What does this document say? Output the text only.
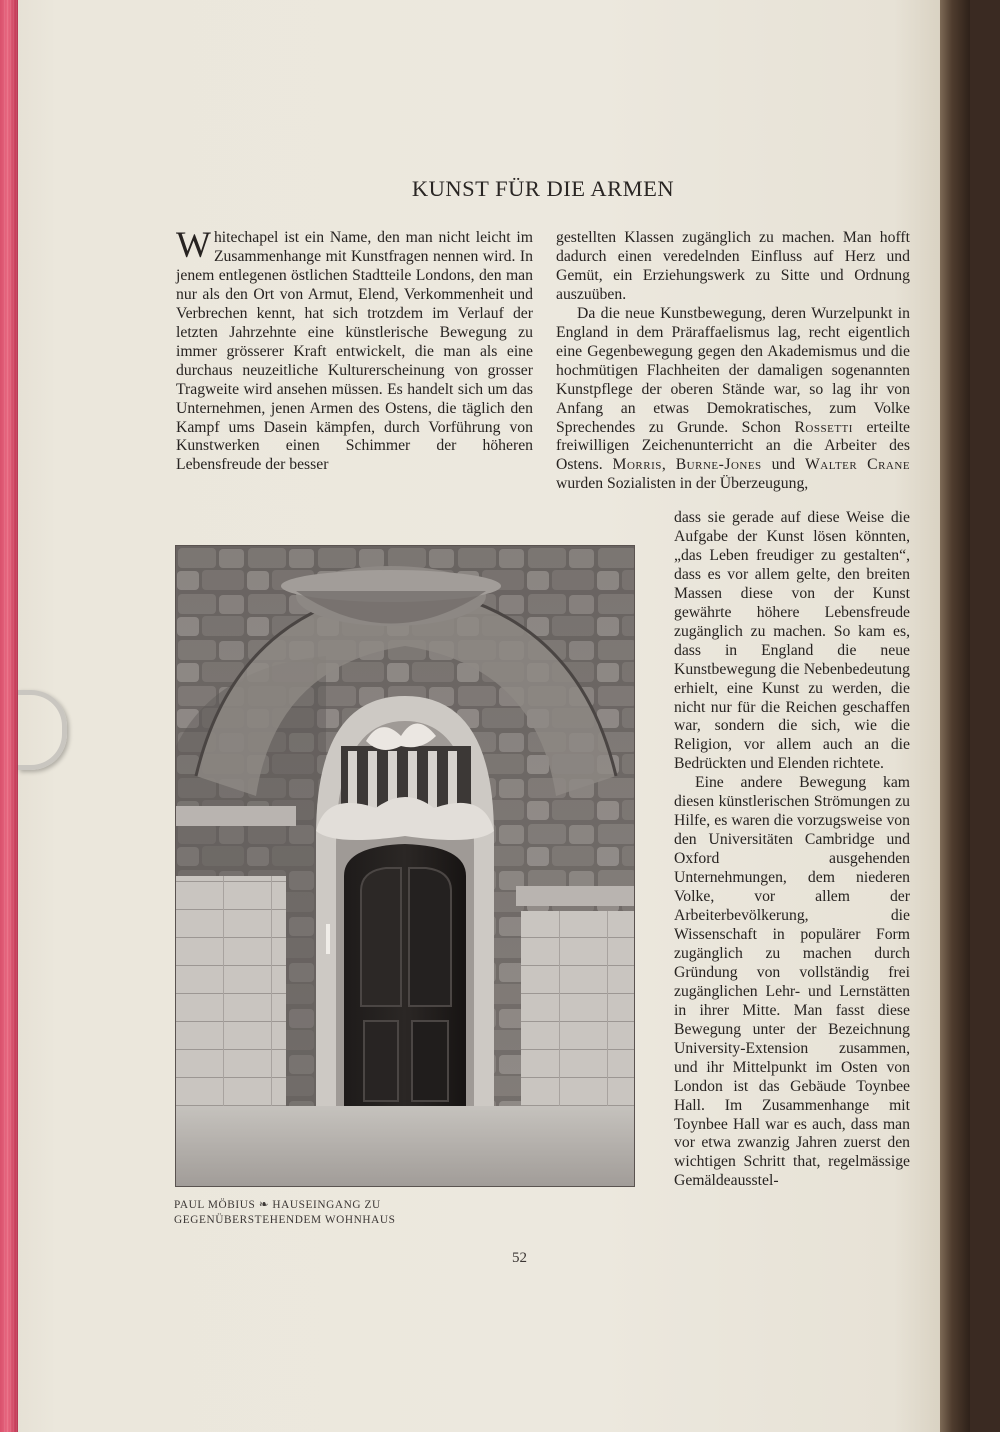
KUNST FÜR DIE ARMEN

Whitechapel ist ein Name, den man nicht leicht im Zusammenhange mit Kunstfragen nennen wird. In jenem entlegenen östlichen Stadtteile Londons, den man nur als den Ort von Armut, Elend, Verkommenheit und Verbrechen kennt, hat sich trotzdem im Verlauf der letzten Jahrzehnte eine künstlerische Bewegung zu immer grösserer Kraft entwickelt, die man als eine durchaus neuzeitliche Kulturerscheinung von grosser Tragweite wird ansehen müssen. Es handelt sich um das Unternehmen, jenen Armen des Ostens, die täglich den Kampf ums Dasein kämpfen, durch Vorführung von Kunstwerken einen Schimmer der höheren Lebensfreude der besser

gestellten Klassen zugänglich zu machen. Man hofft dadurch einen veredelnden Einfluss auf Herz und Gemüt, ein Erziehungswerk zu Sitte und Ordnung auszuüben.

Da die neue Kunstbewegung, deren Wurzelpunkt in England in dem Präraffaelismus lag, recht eigentlich eine Gegenbewegung gegen den Akademismus und die hochmütigen Flachheiten der damaligen sogenannten Kunstpflege der oberen Stände war, so lag ihr von Anfang an etwas Demokratisches, zum Volke Sprechendes zu Grunde. Schon Rossetti erteilte freiwilligen Zeichenunterricht an die Arbeiter des Ostens. Morris, Burne-Jones und Walter Crane wurden Sozialisten in der Überzeugung,

dass sie gerade auf diese Weise die Aufgabe der Kunst lösen könnten, „das Leben freudiger zu gestalten“, dass es vor allem gelte, den breiten Massen diese von der Kunst gewährte höhere Lebensfreude zugänglich zu machen. So kam es, dass in England die neue Kunstbewegung die Nebenbedeutung erhielt, eine Kunst zu werden, die nicht nur für die Reichen geschaffen war, sondern die sich, wie die Religion, vor allem auch an die Bedrückten und Elenden richtete.

Eine andere Bewegung kam diesen künstlerischen Strömungen zu Hilfe, es waren die vorzugsweise von den Universitäten Cambridge und Oxford ausgehenden Unternehmungen, dem niederen Volke, vor allem der Arbeiterbevölkerung, die Wissenschaft in populärer Form zugänglich zu machen durch Gründung von vollständig frei zugänglichen Lehr- und Lernstätten in ihrer Mitte. Man fasst diese Bewegung unter der Bezeichnung University-Extension zusammen, und ihr Mittelpunkt im Osten von London ist das Gebäude Toynbee Hall. Im Zusammenhange mit Toynbee Hall war es auch, dass man vor etwa zwanzig Jahren zuerst den wichtigen Schritt that, regelmässige Gemäldeausstel-

PAUL MÖBIUS ❧ HAUSEINGANG ZU
GEGENÜBERSTEHENDEM WOHNHAUS
52
